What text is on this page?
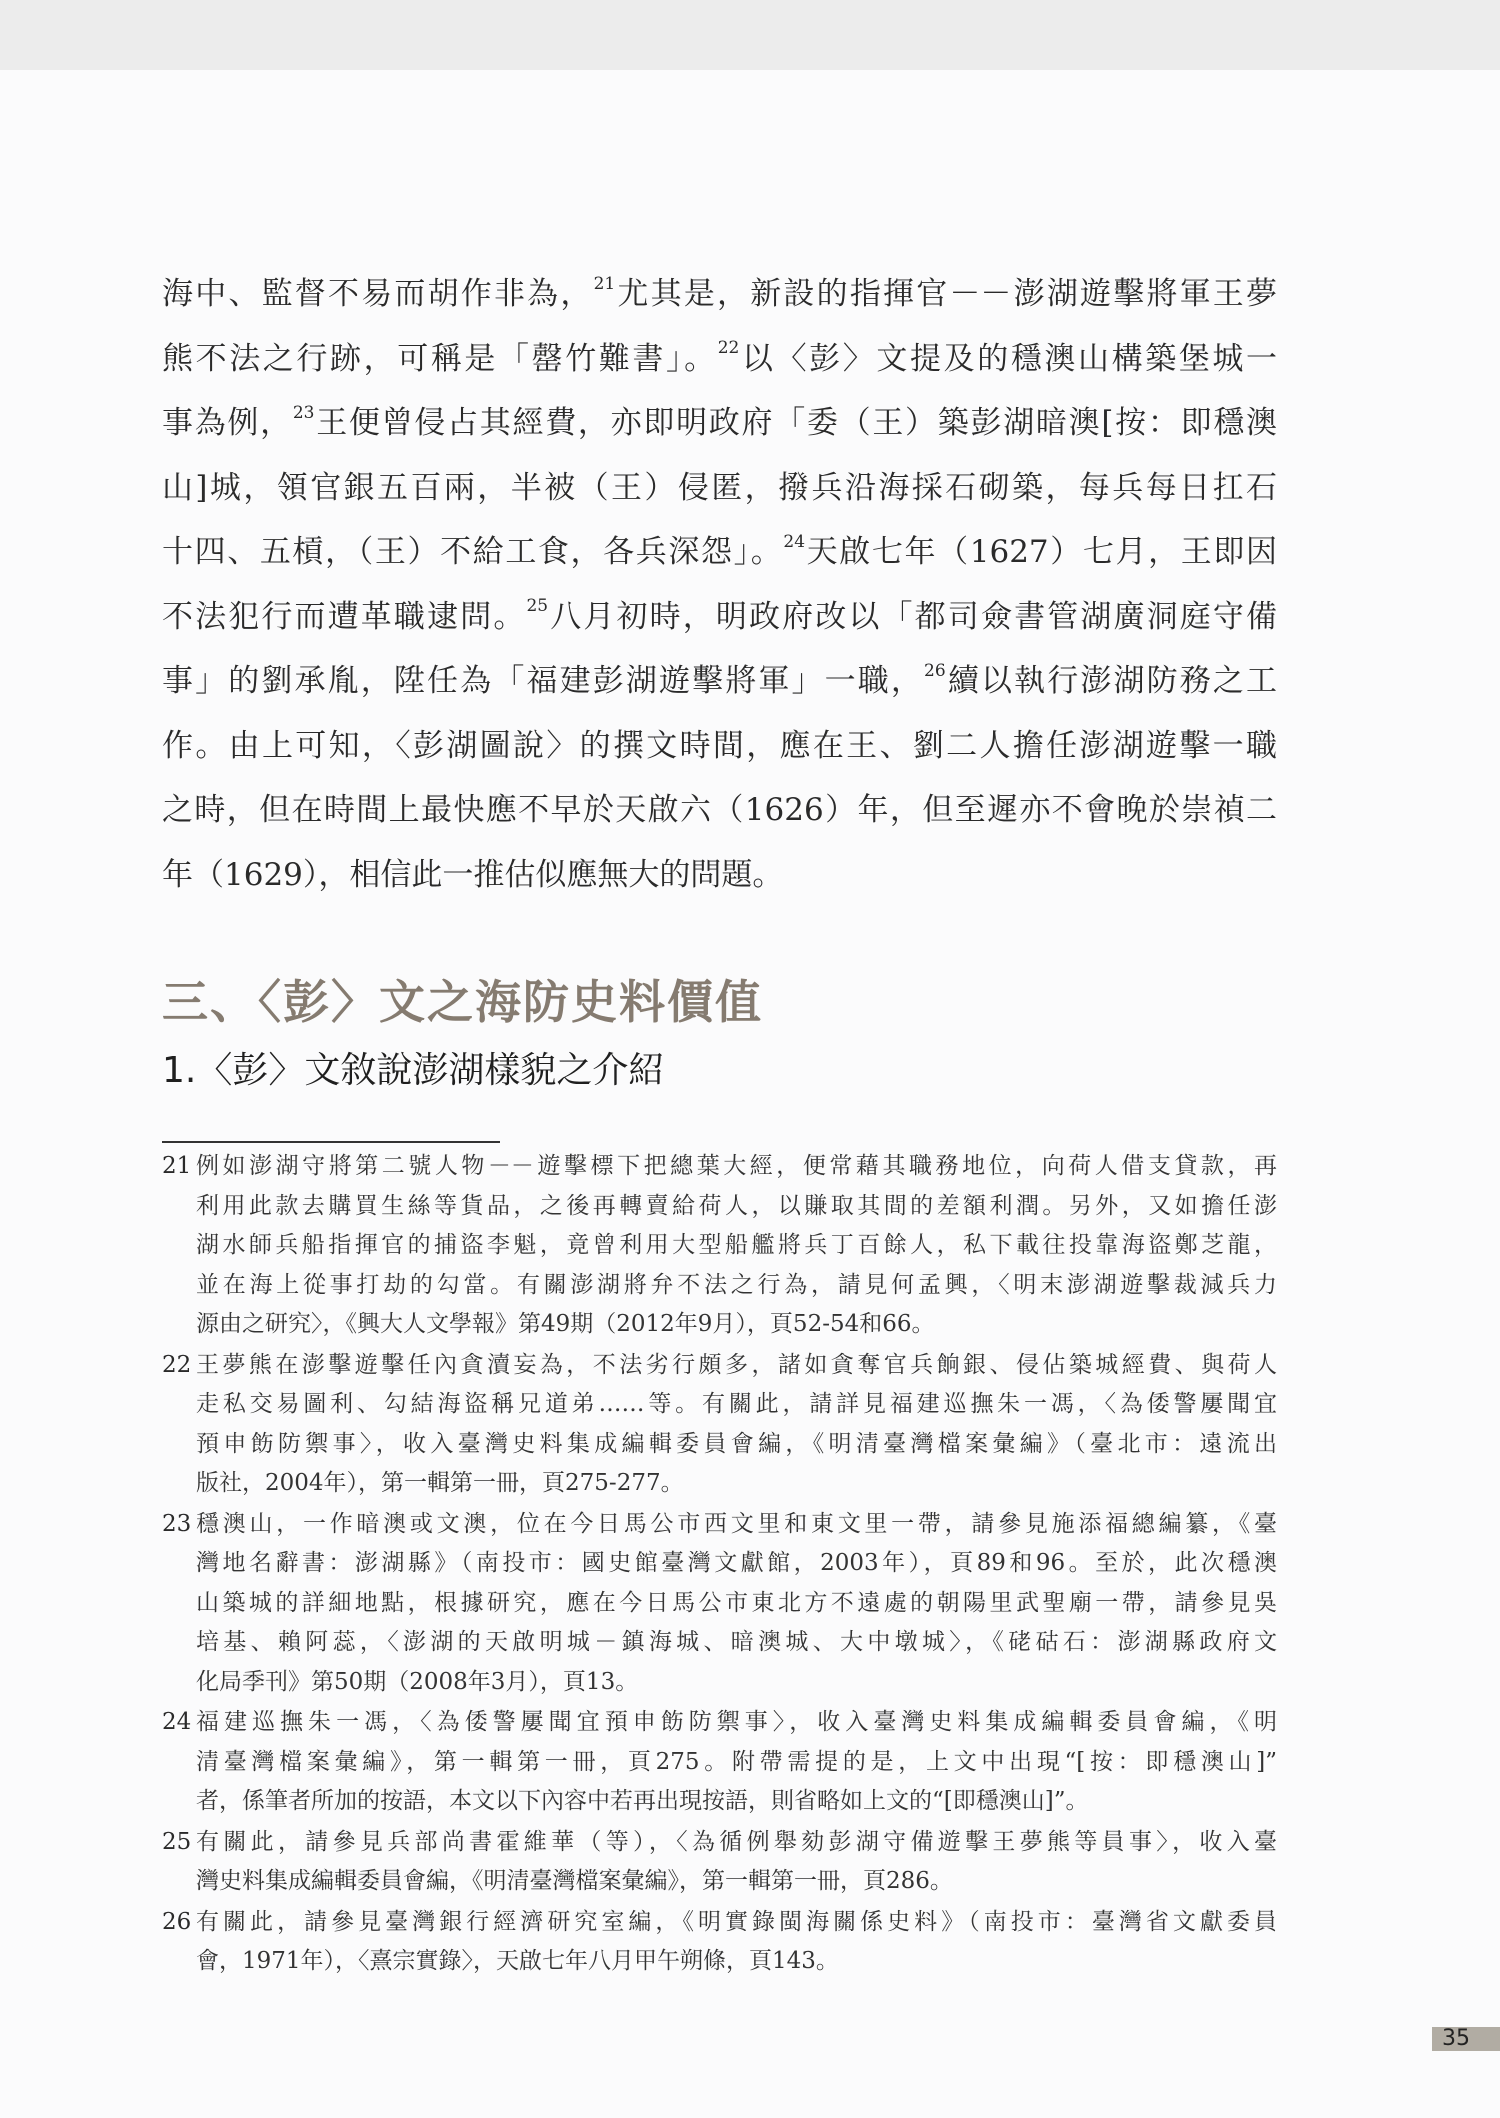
海中、監督不易而胡作非為，$^{21}$尤其是，新設的指揮官－－澎湖遊擊將軍王夢
熊不法之行跡，可稱是「罄竹難書」。$^{22}$以〈彭〉文提及的穩澳山構築堡城一
事為例，$^{23}$王便曾侵占其經費，亦即明政府「委（王）築彭湖暗澳[按：即穩澳
山]城，領官銀五百兩，半被（王）侵匿，撥兵沿海採石砌築，每兵每日扛石
十四、五槓，（王）不給工食，各兵深怨」。$^{24}$天啟七年（1627）七月，王即因
不法犯行而遭革職逮問。$^{25}$八月初時，明政府改以「都司僉書管湖廣洞庭守備
事」的劉承胤，陞任為「福建彭湖遊擊將軍」一職，$^{26}$續以執行澎湖防務之工
作。由上可知，〈彭湖圖說〉的撰文時間，應在王、劉二人擔任澎湖遊擊一職
之時，但在時間上最快應不早於天啟六（1626）年，但至遲亦不會晚於崇禎二
年（1629），相信此一推估似應無大的問題。
三、〈彭〉文之海防史料價值
1.〈彭〉文敘說澎湖樣貌之介紹
21 例如澎湖守將第二號人物－－遊擊標下把總葉大經，便常藉其職務地位，向荷人借支貸款，再
利用此款去購買生絲等貨品，之後再轉賣給荷人，以賺取其間的差額利潤。另外，又如擔任澎
湖水師兵船指揮官的捕盜李魁，竟曾利用大型船艦將兵丁百餘人，私下載往投靠海盜鄭芝龍，
並在海上從事打劫的勾當。有關澎湖將弁不法之行為，請見何孟興，〈明末澎湖遊擊裁減兵力
源由之研究〉，《興大人文學報》第49期（2012年9月），頁52-54和66。
22 王夢熊在澎擊遊擊任內貪瀆妄為，不法劣行頗多，諸如貪奪官兵餉銀、侵佔築城經費、與荷人
走私交易圖利、勾結海盜稱兄道弟……等。有關此，請詳見福建巡撫朱一馮，〈為倭警屢聞宜
預申飭防禦事〉，收入臺灣史料集成編輯委員會編，《明清臺灣檔案彙編》（臺北市：遠流出
版社，2004年），第一輯第一冊，頁275-277。
23 穩澳山，一作暗澳或文澳，位在今日馬公市西文里和東文里一帶，請參見施添福總編纂，《臺
灣地名辭書：澎湖縣》（南投市：國史館臺灣文獻館，2003年），頁89和96。至於，此次穩澳
山築城的詳細地點，根據研究，應在今日馬公市東北方不遠處的朝陽里武聖廟一帶，請參見吳
培基、賴阿蕊，〈澎湖的天啟明城－鎮海城、暗澳城、大中墩城〉，《硓𥑮石：澎湖縣政府文
化局季刊》第50期（2008年3月），頁13。
24 福建巡撫朱一馮，〈為倭警屢聞宜預申飭防禦事〉，收入臺灣史料集成編輯委員會編，《明
清臺灣檔案彙編》，第一輯第一冊，頁275。附帶需提的是，上文中出現“[按：即穩澳山]”
者，係筆者所加的按語，本文以下內容中若再出現按語，則省略如上文的“[即穩澳山]”。
25 有關此，請參見兵部尚書霍維華（等），〈為循例舉劾彭湖守備遊擊王夢熊等員事〉，收入臺
灣史料集成編輯委員會編，《明清臺灣檔案彙編》，第一輯第一冊，頁286。
26 有關此，請參見臺灣銀行經濟研究室編，《明實錄閩海關係史料》（南投市：臺灣省文獻委員
會，1971年），〈熹宗實錄〉，天啟七年八月甲午朔條，頁143。
35
